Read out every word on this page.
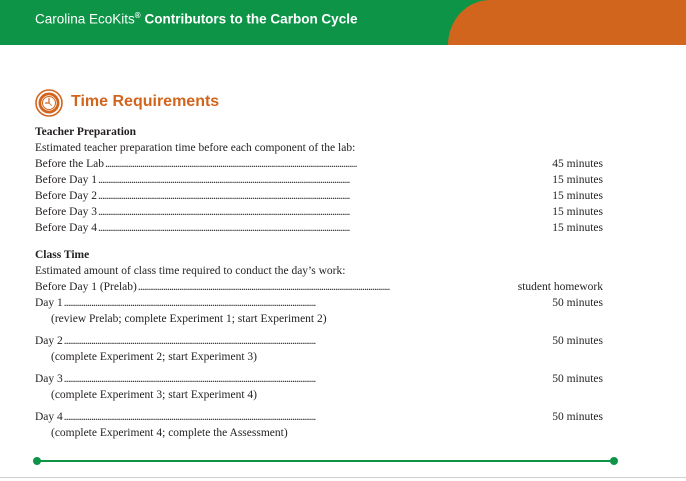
Carolina EcoKits® Contributors to the Carbon Cycle
Time Requirements
Teacher Preparation
Estimated teacher preparation time before each component of the lab:
Before the Lab . . .	45 minutes
Before Day 1 . . .	15 minutes
Before Day 2 . . .	15 minutes
Before Day 3 . . .	15 minutes
Before Day 4 . . .	15 minutes
Class Time
Estimated amount of class time required to conduct the day’s work:
Before Day 1 (Prelab) . . .	student homework
Day 1 . . .	50 minutes
(review Prelab; complete Experiment 1; start Experiment 2)
Day 2 . . .	50 minutes
(complete Experiment 2; start Experiment 3)
Day 3 . . .	50 minutes
(complete Experiment 3; start Experiment 4)
Day 4 . . .	50 minutes
(complete Experiment 4; complete the Assessment)
